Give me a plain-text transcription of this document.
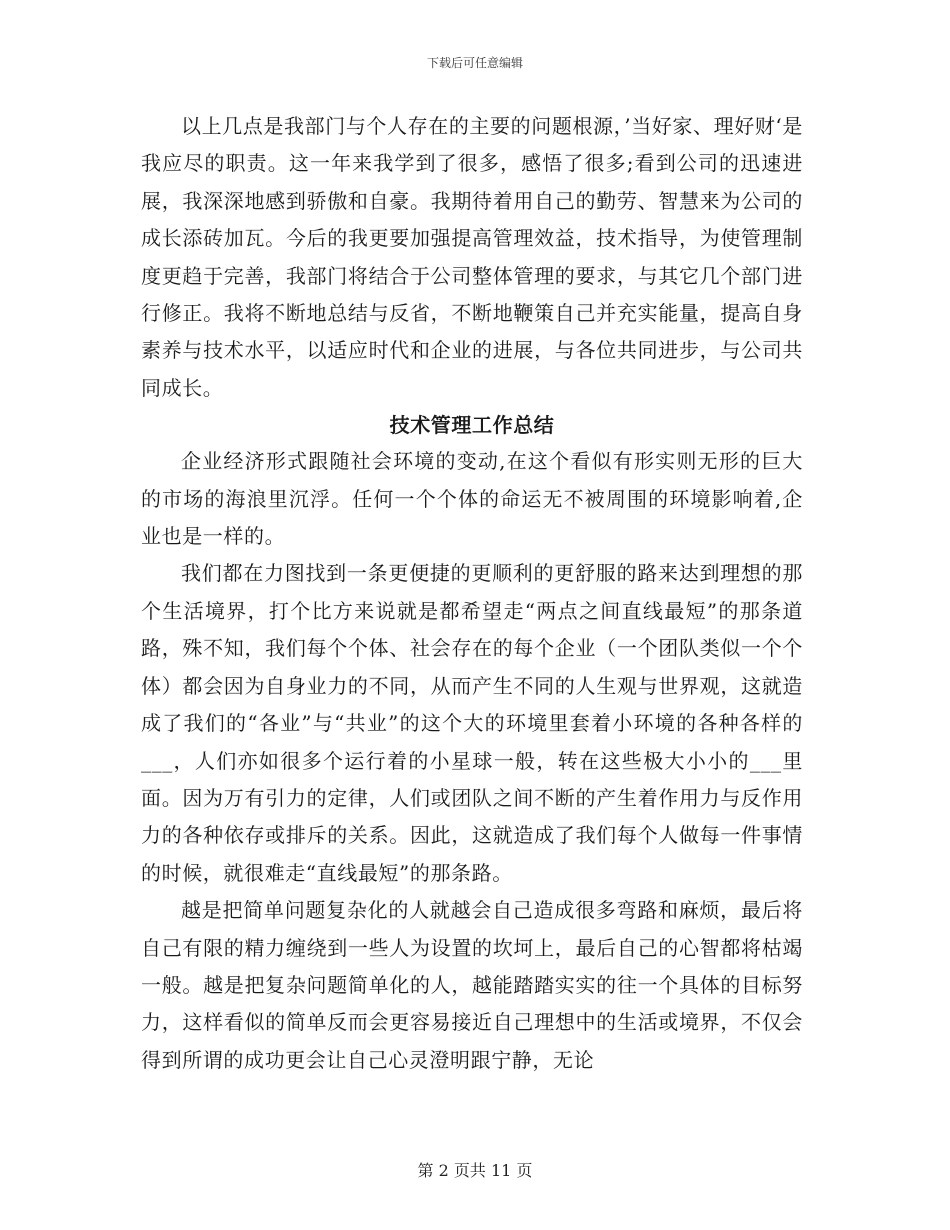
下载后可任意编辑

以上几点是我部门与个人存在的主要的问题根源，’当好家、理好财‘是我应尽的职责。这一年来我学到了很多，感悟了很多;看到公司的迅速进展，我深深地感到骄傲和自豪。我期待着用自己的勤劳、智慧来为公司的成长添砖加瓦。今后的我更要加强提高管理效益，技术指导，为使管理制度更趋于完善，我部门将结合于公司整体管理的要求，与其它几个部门进行修正。我将不断地总结与反省，不断地鞭策自己并充实能量，提高自身素养与技术水平，以适应时代和企业的进展，与各位共同进步，与公司共同成长。

技术管理工作总结

企业经济形式跟随社会环境的变动,在这个看似有形实则无形的巨大的市场的海浪里沉浮。任何一个个体的命运无不被周围的环境影响着,企业也是一样的。

我们都在力图找到一条更便捷的更顺利的更舒服的路来达到理想的那个生活境界，打个比方来说就是都希望走“两点之间直线最短”的那条道路，殊不知，我们每个个体、社会存在的每个企业（一个团队类似一个个体）都会因为自身业力的不同，从而产生不同的人生观与世界观，这就造成了我们的“各业”与“共业”的这个大的环境里套着小环境的各种各样的___，人们亦如很多个运行着的小星球一般，转在这些极大小小的___里面。因为万有引力的定律，人们或团队之间不断的产生着作用力与反作用力的各种依存或排斥的关系。因此，这就造成了我们每个人做每一件事情的时候，就很难走“直线最短”的那条路。

越是把简单问题复杂化的人就越会自己造成很多弯路和麻烦，最后将自己有限的精力缠绕到一些人为设置的坎坷上，最后自己的心智都将枯竭一般。越是把复杂问题简单化的人，越能踏踏实实的往一个具体的目标努力，这样看似的简单反而会更容易接近自己理想中的生活或境界，不仅会得到所谓的成功更会让自己心灵澄明跟宁静，无论

第 2 页共 11 页
